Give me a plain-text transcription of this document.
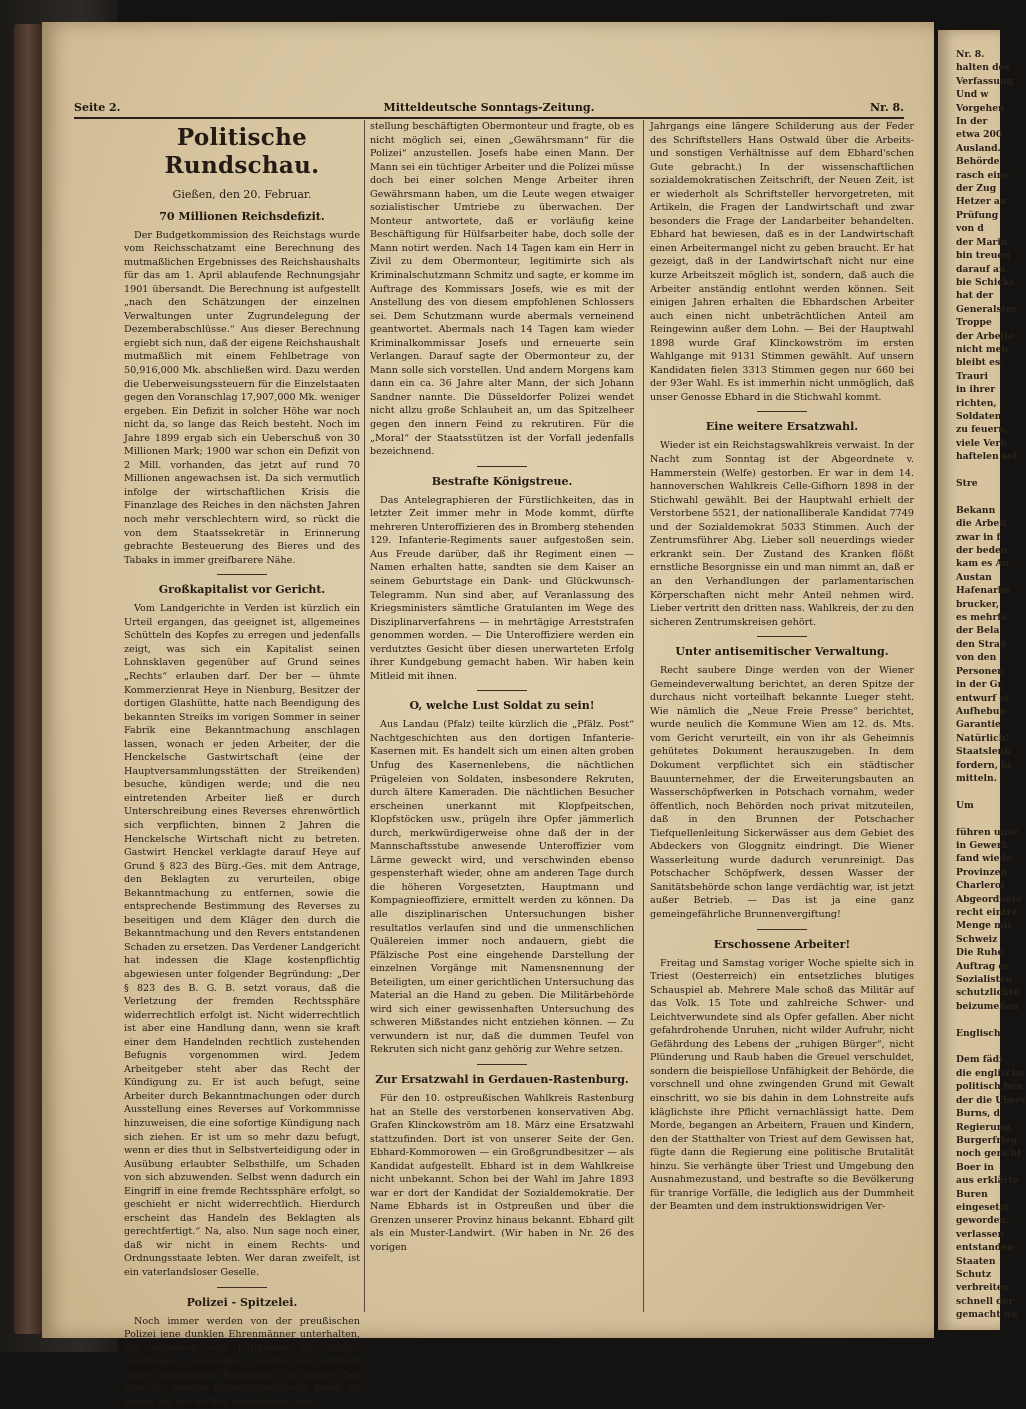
Nr. 8.
halten des
Verfassung
Und w
Vorgehen
In der
etwa 200
Ausland.
Behörde
rasch eine
der Zug
Hetzer an
Prüfung
von d
der Marin
bin treuen
darauf an
bie Schicks
hat der
Generalstre
Troppe
der Arbeite
nicht meh
bleibt es,
Trauri
in ihrer
richten,
Soldaten
zu feuern,
viele Verh
haftelen sol

Stre

Bekann
die Arbeit
zwar in f
der bedeu
kam es An
Austan
Hafenarbe
brucker,
es mehrfa
der Bela
den Straß
von den
Personen
in der Gr
entwurf ei
Aufhebun
Garantie
Natürlich!
Staatslenk
fordern, bi
mitteln.

Um

führen unse
in Gewerk
fand wiede
Provinzen
Charleroi
Abgeordnete
recht eintra
Menge mit
Schweiz
Die Ruhe
Auftrag er
Sozialisten
schutzlichte
beizumeßen

Englisch

Dem fädi
die englische
politisch beu
der die Ubers
Burns, d
Regierung,
Burgerfrieg
noch gericht
Boer in
aus erklärte
Buren
eingesetzt
geworden;
verlassen
entstanden
Staaten
Schutz
verbreiten
schnell der
gemacht we
Seite 2.	Mitteldeutsche Sonntags-Zeitung.	Nr. 8.
Politische Rundschau.
Gießen, den 20. Februar.
70 Millionen Reichsdefizit.

Der Budgetkommission des Reichstags wurde vom Reichsschatzamt eine Berechnung des mutmaßlichen Ergebnisses des Reichshaushalts für das am 1. April ablaufende Rechnungsjahr 1901 übersandt. Die Berechnung ist aufgestellt „nach den Schätzungen der einzelnen Verwaltungen unter Zugrundelegung der Dezemberabschlüsse.“ Aus dieser Berechnung ergiebt sich nun, daß der eigene Reichshaushalt mutmaßlich mit einem Fehlbetrage von 50,916,000 Mk. abschließen wird. Dazu werden die Ueberweisungssteuern für die Einzelstaaten gegen den Voranschlag 17,907,000 Mk. weniger ergeben. Ein Defizit in solcher Höhe war noch nicht da, so lange das Reich besteht. Noch im Jahre 1899 ergab sich ein Ueberschuß von 30 Millionen Mark; 1900 war schon ein Defizit von 2 Mill. vorhanden, das jetzt auf rund 70 Millionen angewachsen ist. Da sich vermutlich infolge der wirtschaftlichen Krisis die Finanzlage des Reiches in den nächsten Jahren noch mehr verschlechtern wird, so rückt die von dem Staatssekretär in Erinnerung gebrachte Besteuerung des Bieres und des Tabaks in immer greifbarere Nähe.

Großkapitalist vor Gericht.

Vom Landgerichte in Verden ist kürzlich ein Urteil ergangen, das geeignet ist, allgemeines Schütteln des Kopfes zu erregen und jedenfalls zeigt, was sich ein Kapitalist seinen Lohnsklaven gegenüber auf Grund seines „Rechts“ erlauben darf. Der ber — ühmte Kommerzienrat Heye in Nienburg, Besitzer der dortigen Glashütte, hatte nach Beendigung des bekannten Streiks im vorigen Sommer in seiner Fabrik eine Bekanntmachung anschlagen lassen, wonach er jeden Arbeiter, der die Henckelsche Gastwirtschaft (eine der Hauptversammlungsstätten der Streikenden) besuche, kündigen werde; und die neu eintretenden Arbeiter ließ er durch Unterschreibung eines Reverses ehrenwörtlich sich verpflichten, binnen 2 Jahren die Henckelsche Wirtschaft nicht zu betreten. Gastwirt Henckel verklagte darauf Heye auf Grund § 823 des Bürg.-Ges. mit dem Antrage, den Beklagten zu verurteilen, obige Bekanntmachung zu entfernen, sowie die entsprechende Bestimmung des Reverses zu beseitigen und dem Kläger den durch die Bekanntmachung und den Revers entstandenen Schaden zu ersetzen. Das Verdener Landgericht hat indessen die Klage kostenpflichtig abgewiesen unter folgender Begründung: „Der § 823 des B. G. B. setzt voraus, daß die Verletzung der fremden Rechtssphäre widerrechtlich erfolgt ist. Nicht widerrechtlich ist aber eine Handlung dann, wenn sie kraft einer dem Handelnden rechtlich zustehenden Befugnis vorgenommen wird. Jedem Arbeitgeber steht aber das Recht der Kündigung zu. Er ist auch befugt, seine Arbeiter durch Bekanntmachungen oder durch Ausstellung eines Reverses auf Vorkommnisse hinzuweisen, die eine sofortige Kündigung nach sich ziehen. Er ist um so mehr dazu befugt, wenn er dies thut in Selbstverteidigung oder in Ausübung erlaubter Selbsthilfe, um Schaden von sich abzuwenden. Selbst wenn dadurch ein Eingriff in eine fremde Rechtssphäre erfolgt, so geschieht er nicht widerrechtlich. Hierdurch erscheint das Handeln des Beklagten als gerechtfertigt.“ Na, also. Nun sage noch einer, daß wir nicht in einem Rechts- und Ordnungsstaate lebten. Wer daran zweifelt, ist ein vaterlandsloser Geselle.

Polizei - Spitzelei.

Noch immer werden von der preußischen Polizei jene dunklen Ehrenmänner unterhalten, die seinerzeit von Puttkamer als „Nicht-Gentlemens“ bezeichnet wurden. So berichtet unser Düsseldorfer Parteiblatt: Vor einiger Zeit kam der hiesige Kriminalkommissar Josefs zu einem auf der im Bau befindlichen Aus-

stellung beschäftigten Obermonteur und fragte, ob es nicht möglich sei, einen „Gewährsmann“ für die Polizei“ anzustellen. Josefs habe einen Mann. Der Mann sei ein tüchtiger Arbeiter und die Polizei müsse doch bei einer solchen Menge Arbeiter ihren Gewährsmann haben, um die Leute wegen etwaiger sozialistischer Umtriebe zu überwachen. Der Monteur antwortete, daß er vorläufig keine Beschäftigung für Hülfsarbeiter habe, doch solle der Mann notirt werden. Nach 14 Tagen kam ein Herr in Zivil zu dem Obermonteur, legitimirte sich als Kriminalschutzmann Schmitz und sagte, er komme im Auftrage des Kommissars Josefs, wie es mit der Anstellung des von diesem empfohlenen Schlossers sei. Dem Schutzmann wurde abermals verneinend geantwortet. Abermals nach 14 Tagen kam wieder Kriminalkommissar Josefs und erneuerte sein Verlangen. Darauf sagte der Obermonteur zu, der Mann solle sich vorstellen. Und andern Morgens kam dann ein ca. 36 Jahre alter Mann, der sich Johann Sandner nannte. Die Düsseldorfer Polizei wendet nicht allzu große Schlauheit an, um das Spitzelheer gegen den innern Feind zu rekrutiren. Für die „Moral“ der Staatsstützen ist der Vorfall jedenfalls bezeichnend.

Bestrafte Königstreue.

Das Antelegraphieren der Fürstlichkeiten, das in letzter Zeit immer mehr in Mode kommt, dürfte mehreren Unteroffizieren des in Bromberg stehenden 129. Infanterie-Regiments sauer aufgestoßen sein. Aus Freude darüber, daß ihr Regiment einen — Namen erhalten hatte, sandten sie dem Kaiser an seinem Geburtstage ein Dank- und Glückwunsch-Telegramm. Nun sind aber, auf Veranlassung des Kriegsministers sämtliche Gratulanten im Wege des Disziplinarverfahrens — in mehrtägige Arreststrafen genommen worden. — Die Unteroffiziere werden ein verdutztes Gesicht über diesen unerwarteten Erfolg ihrer Kundgebung gemacht haben. Wir haben kein Mitleid mit ihnen.

O, welche Lust Soldat zu sein!

Aus Landau (Pfalz) teilte kürzlich die „Pfälz. Post“ Nachtgeschichten aus den dortigen Infanterie-Kasernen mit. Es handelt sich um einen alten groben Unfug des Kasernenlebens, die nächtlichen Prügeleien von Soldaten, insbesondere Rekruten, durch ältere Kameraden. Die nächtlichen Besucher erscheinen unerkannt mit Klopfpeitschen, Klopfstöcken usw., prügeln ihre Opfer jämmerlich durch, merkwürdigerweise ohne daß der in der Mannschaftsstube anwesende Unteroffizier vom Lärme geweckt wird, und verschwinden ebenso gespensterhaft wieder, ohne am anderen Tage durch die höheren Vorgesetzten, Hauptmann und Kompagnieoffiziere, ermittelt werden zu können. Da alle disziplinarischen Untersuchungen bisher resultatlos verlaufen sind und die unmenschlichen Quälereien immer noch andauern, giebt die Pfälzische Post eine eingehende Darstellung der einzelnen Vorgänge mit Namensnennung der Beteiligten, um einer gerichtlichen Untersuchung das Material an die Hand zu geben. Die Militärbehörde wird sich einer gewissenhaften Untersuchung des schweren Mißstandes nicht entziehen können. — Zu verwundern ist nur, daß die dummen Teufel von Rekruten sich nicht ganz gehörig zur Wehre setzen.

Zur Ersatzwahl in Gerdauen-Rastenburg.

Für den 10. ostpreußischen Wahlkreis Rastenburg hat an Stelle des verstorbenen konservativen Abg. Grafen Klinckowström am 18. März eine Ersatzwahl stattzufinden. Dort ist von unserer Seite der Gen. Ebhard-Kommorowen — ein Großgrundbesitzer — als Kandidat aufgestellt. Ebhard ist in dem Wahlkreise nicht unbekannt. Schon bei der Wahl im Jahre 1893 war er dort der Kandidat der Sozialdemokratie. Der Name Ebhards ist in Ostpreußen und über die Grenzen unserer Provinz hinaus bekannt. Ebhard gilt als ein Muster-Landwirt. (Wir haben in Nr. 26 des vorigen

Jahrgangs eine längere Schilderung aus der Feder des Schriftstellers Hans Ostwald über die Arbeits- und sonstigen Verhältnisse auf dem Ebhard'schen Gute gebracht.) In der wissenschaftlichen sozialdemokratischen Zeitschrift, der Neuen Zeit, ist er wiederholt als Schriftsteller hervorgetreten, mit Artikeln, die Fragen der Landwirtschaft und zwar besonders die Frage der Landarbeiter behandelten. Ebhard hat bewiesen, daß es in der Landwirtschaft einen Arbeitermangel nicht zu geben braucht. Er hat gezeigt, daß in der Landwirtschaft nicht nur eine kurze Arbeitszeit möglich ist, sondern, daß auch die Arbeiter anständig entlohnt werden können. Seit einigen Jahren erhalten die Ebhardschen Arbeiter auch einen nicht unbeträchtlichen Anteil am Reingewinn außer dem Lohn. — Bei der Hauptwahl 1898 wurde Graf Klinckowström im ersten Wahlgange mit 9131 Stimmen gewählt. Auf unsern Kandidaten fielen 3313 Stimmen gegen nur 660 bei der 93er Wahl. Es ist immerhin nicht unmöglich, daß unser Genosse Ebhard in die Stichwahl kommt.

Eine weitere Ersatzwahl.

Wieder ist ein Reichstagswahlkreis verwaist. In der Nacht zum Sonntag ist der Abgeordnete v. Hammerstein (Welfe) gestorben. Er war in dem 14. hannoverschen Wahlkreis Celle-Gifhorn 1898 in der Stichwahl gewählt. Bei der Hauptwahl erhielt der Verstorbene 5521, der nationalliberale Kandidat 7749 und der Sozialdemokrat 5033 Stimmen. Auch der Zentrumsführer Abg. Lieber soll neuerdings wieder erkrankt sein. Der Zustand des Kranken flößt ernstliche Besorgnisse ein und man nimmt an, daß er an den Verhandlungen der parlamentarischen Körperschaften nicht mehr Anteil nehmen wird. Lieber vertritt den dritten nass. Wahlkreis, der zu den sicheren Zentrumskreisen gehört.

Unter antisemitischer Verwaltung.

Recht saubere Dinge werden von der Wiener Gemeindeverwaltung berichtet, an deren Spitze der durchaus nicht vorteilhaft bekannte Lueger steht. Wie nämlich die „Neue Freie Presse“ berichtet, wurde neulich die Kommune Wien am 12. ds. Mts. vom Gericht verurteilt, ein von ihr als Geheimnis gehütetes Dokument herauszugeben. In dem Dokument verpflichtet sich ein städtischer Bauunternehmer, der die Erweiterungsbauten an Wasserschöpfwerken in Potschach vornahm, weder öffentlich, noch Behörden noch privat mitzuteilen, daß in den Brunnen der Potschacher Tiefquellenleitung Sickerwässer aus dem Gebiet des Abdeckers von Gloggnitz eindringt. Die Wiener Wasserleitung wurde dadurch verunreinigt. Das Potschacher Schöpfwerk, dessen Wasser der Sanitätsbehörde schon lange verdächtig war, ist jetzt außer Betrieb. — Das ist ja eine ganz gemeingefährliche Brunnenvergiftung!

Erschossene Arbeiter!

Freitag und Samstag voriger Woche spielte sich in Triest (Oesterreich) ein entsetzliches blutiges Schauspiel ab. Mehrere Male schoß das Militär auf das Volk. 15 Tote und zahlreiche Schwer- und Leichtverwundete sind als Opfer gefallen. Aber nicht gefahrdrohende Unruhen, nicht wilder Aufruhr, nicht Gefährdung des Lebens der „ruhigen Bürger“, nicht Plünderung und Raub haben die Greuel verschuldet, sondern die beispiellose Unfähigkeit der Behörde, die vorschnell und ohne zwingenden Grund mit Gewalt einschritt, wo sie bis dahin in dem Lohnstreite aufs kläglichste ihre Pflicht vernachlässigt hatte. Dem Morde, begangen an Arbeitern, Frauen und Kindern, den der Statthalter von Triest auf dem Gewissen hat, fügte dann die Regierung eine politische Brutalität hinzu. Sie verhängte über Triest und Umgebung den Ausnahmezustand, und bestrafte so die Bevölkerung für tranrige Vorfälle, die lediglich aus der Dummheit der Beamten und dem instruktionswidrigen Ver-
